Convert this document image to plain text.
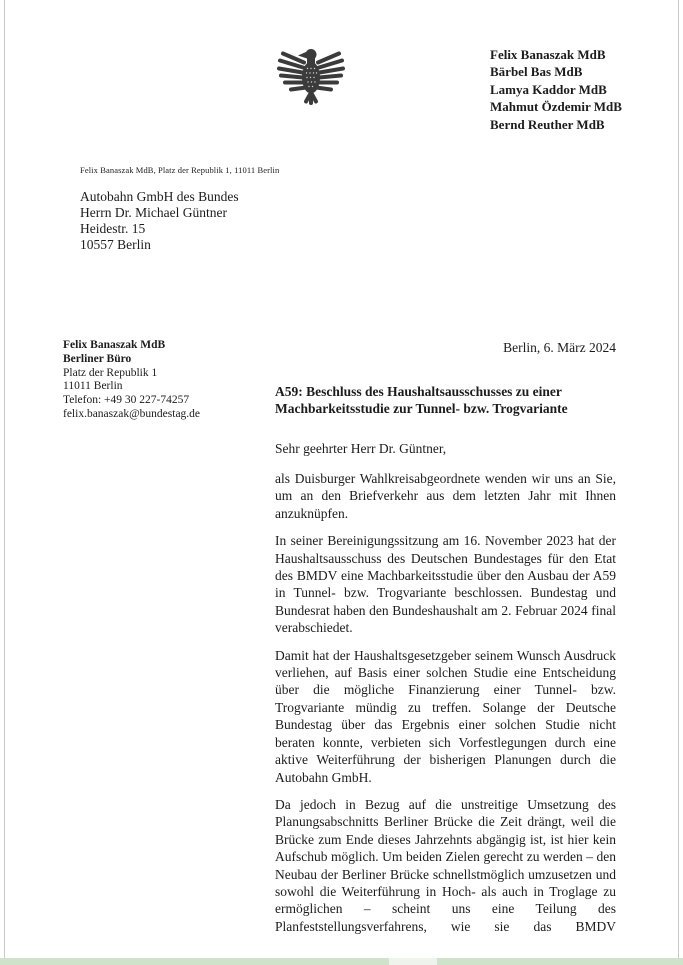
Felix Banaszak MdB
Bärbel Bas MdB
Lamya Kaddor MdB
Mahmut Özdemir MdB
Bernd Reuther MdB
Felix Banaszak MdB, Platz der Republik 1, 11011 Berlin
Autobahn GmbH des Bundes
Herrn Dr. Michael Güntner
Heidestr. 15
10557 Berlin
Felix Banaszak MdB
Berliner Büro
Platz der Republik 1
11011 Berlin
Telefon: +49 30 227-74257
felix.banaszak@bundestag.de
Berlin, 6. März 2024
A59: Beschluss des Haushaltsausschusses zu einer Machbarkeitsstudie zur Tunnel- bzw. Trogvariante
Sehr geehrter Herr Dr. Güntner,

als Duisburger Wahlkreisabgeordnete wenden wir uns an Sie, um an den Briefverkehr aus dem letzten Jahr mit Ihnen anzuknüpfen.

In seiner Bereinigungssitzung am 16. November 2023 hat der Haushaltsausschuss des Deutschen Bundestages für den Etat des BMDV eine Machbarkeitsstudie über den Ausbau der A59 in Tunnel- bzw. Trogvariante beschlossen. Bundestag und Bundesrat haben den Bundeshaushalt am 2. Februar 2024 final verabschiedet.

Damit hat der Haushaltsgesetzgeber seinem Wunsch Ausdruck verliehen, auf Basis einer solchen Studie eine Entscheidung über die mögliche Finanzierung einer Tunnel- bzw. Trogvariante mündig zu treffen. Solange der Deutsche Bundestag über das Ergebnis einer solchen Studie nicht beraten konnte, verbieten sich Vorfestlegungen durch eine aktive Weiterführung der bisherigen Planungen durch die Autobahn GmbH.

Da jedoch in Bezug auf die unstreitige Umsetzung des Planungsabschnitts Berliner Brücke die Zeit drängt, weil die Brücke zum Ende dieses Jahrzehnts abgängig ist, ist hier kein Aufschub möglich. Um beiden Zielen gerecht zu werden – den Neubau der Berliner Brücke schnellstmöglich umzusetzen und sowohl die Weiterführung in Hoch- als auch in Troglage zu ermöglichen – scheint uns eine Teilung des Planfeststellungsverfahrens, wie sie das BMDV
